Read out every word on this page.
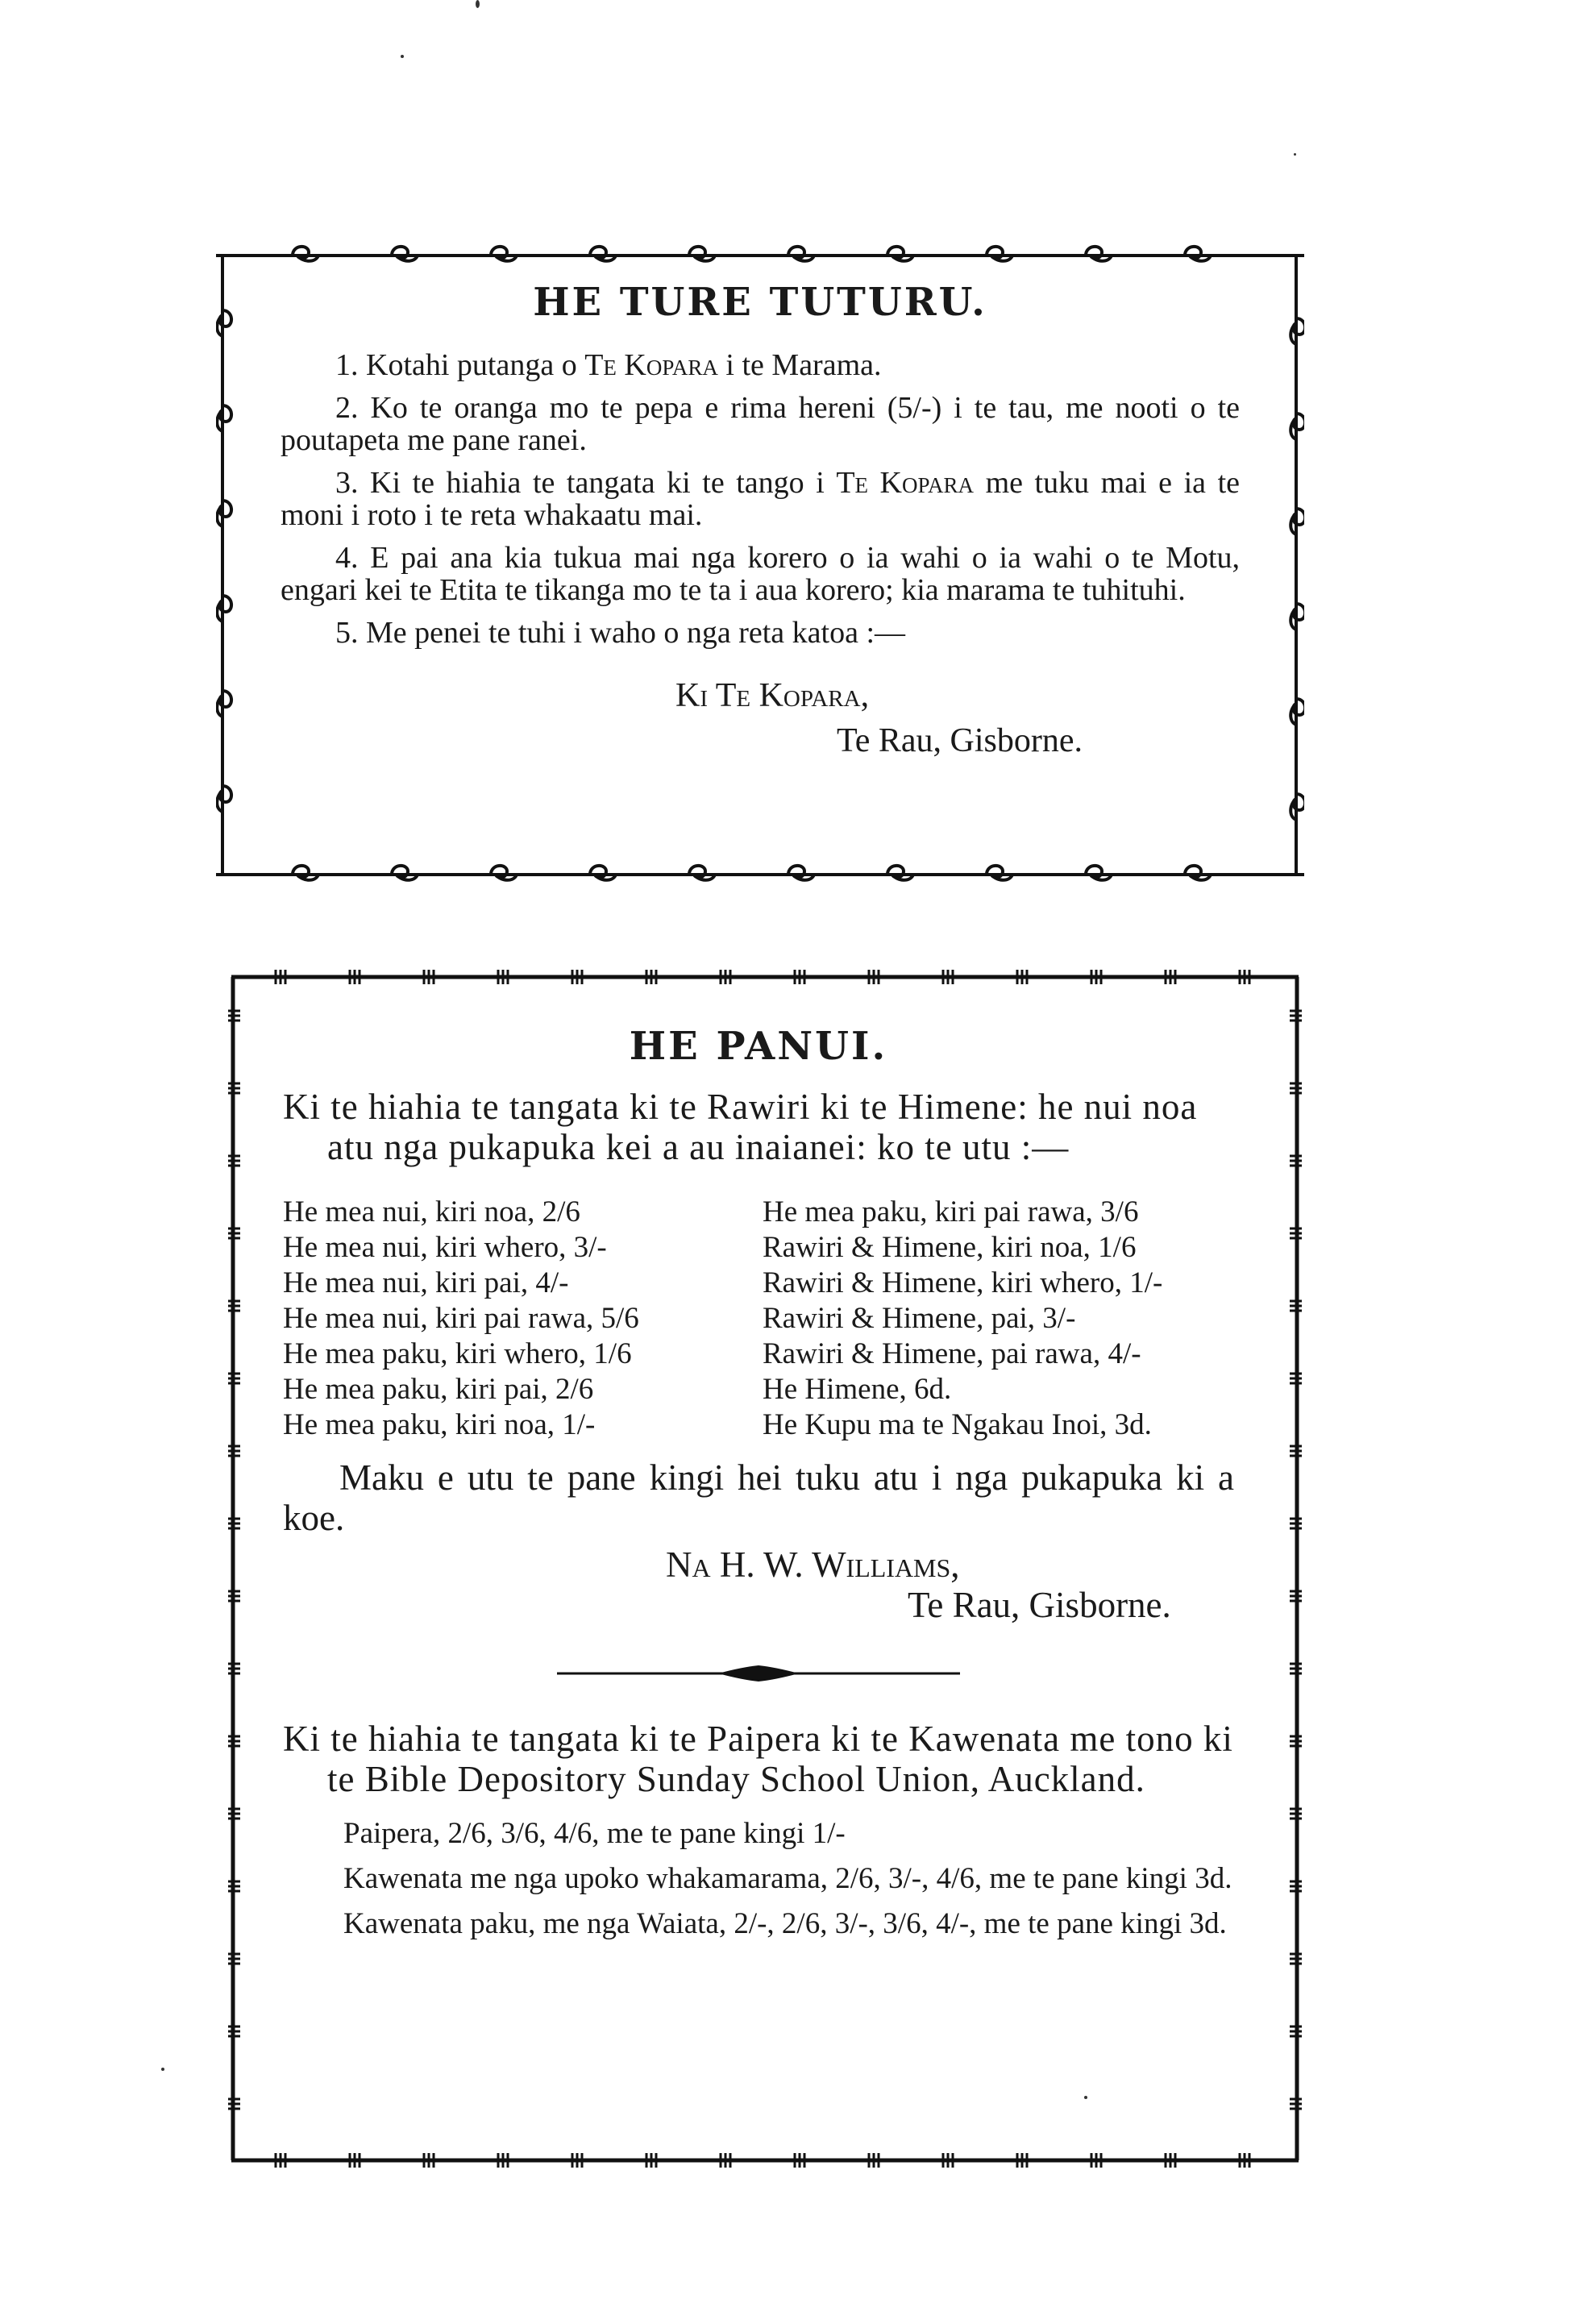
HE TURE TUTURU.

1. Kotahi putanga o Te Kopara i te Marama.

2. Ko te oranga mo te pepa e rima hereni (5/-) i te tau, me nooti o te poutapeta me pane ranei.

3. Ki te hiahia te tangata ki te tango i Te Kopara me tuku mai e ia te moni i roto i te reta whakaatu mai.

4. E pai ana kia tukua mai nga korero o ia wahi o ia wahi o te Motu, engari kei te Etita te tikanga mo te ta i aua korero; kia marama te tuhituhi.

5. Me penei te tuhi i waho o nga reta katoa :—

Ki Te Kopara,
Te Rau, Gisborne.
HE PANUI.

Ki te hiahia te tangata ki te Rawiri ki te Himene: he nui noa atu nga pukapuka kei a au inaianei: ko te utu :—

He mea nui, kiri noa, 2/6
He mea nui, kiri whero, 3/-
He mea nui, kiri pai, 4/-
He mea nui, kiri pai rawa, 5/6
He mea paku, kiri whero, 1/6
He mea paku, kiri pai, 2/6
He mea paku, kiri noa, 1/-
He mea paku, kiri pai rawa, 3/6
Rawiri & Himene, kiri noa, 1/6
Rawiri & Himene, kiri whero, 1/-
Rawiri & Himene, pai, 3/-
Rawiri & Himene, pai rawa, 4/-
He Himene, 6d.
He Kupu ma te Ngakau Inoi, 3d.

Maku e utu te pane kingi hei tuku atu i nga pukapuka ki a koe.

Na H. W. Williams,
Te Rau, Gisborne.

Ki te hiahia te tangata ki te Paipera ki te Kawenata me tono ki te Bible Depository Sunday School Union, Auckland.

Paipera, 2/6, 3/6, 4/6, me te pane kingi 1/-

Kawenata me nga upoko whakamarama, 2/6, 3/-, 4/6, me te pane kingi 3d.

Kawenata paku, me nga Waiata, 2/-, 2/6, 3/-, 3/6, 4/-, me te pane kingi 3d.
